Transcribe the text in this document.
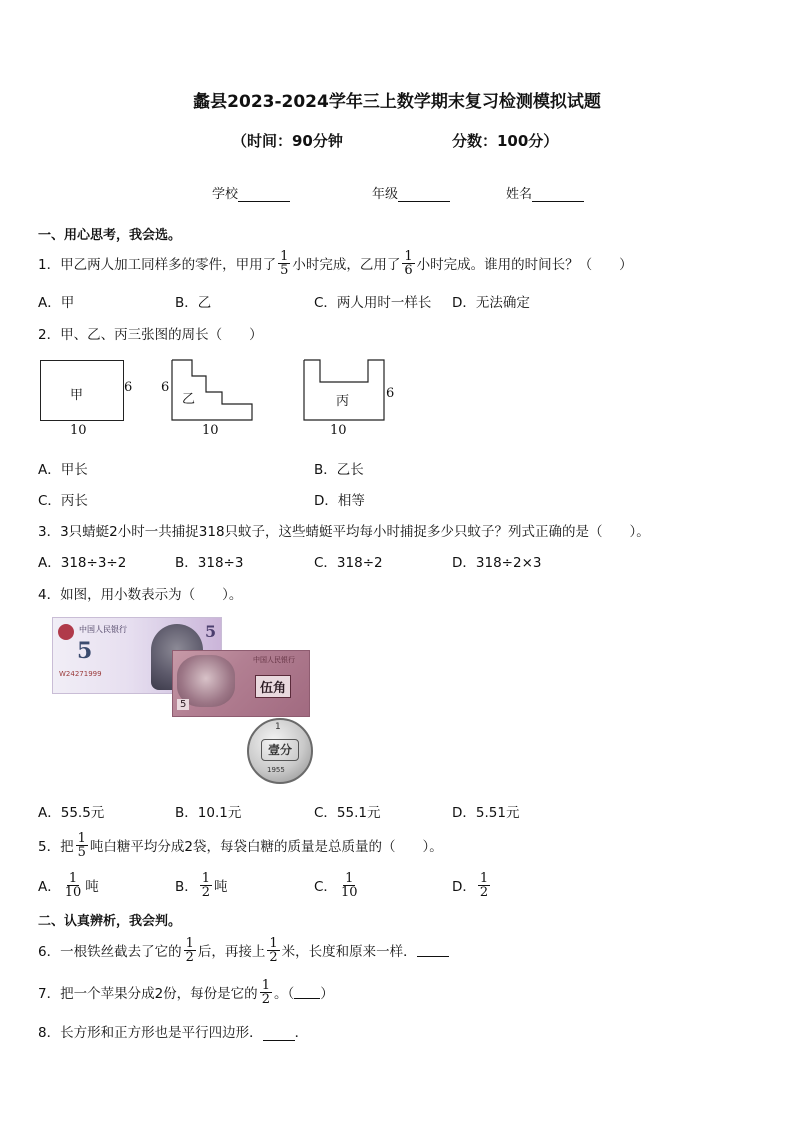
蠡县2023-2024学年三上数学期末复习检测模拟试题
（时间：90分钟	分数：100分）
学校	年级	姓名
一、用心思考，我会选。
1．甲乙两人加工同样多的零件，甲用了 $\frac{1}{5}$ 小时完成，乙用了 $\frac{1}{6}$ 小时完成。谁用的时间长？（　　）
A．甲	B．乙	C．两人用时一样长 D．无法确定
2．甲、乙、丙三张图的周长（　　）
甲
6
10
6
乙
10
丙
6
10
A．甲长	B．乙长
C．丙长	D．相等
3．3只蜻蜓2小时一共捕捉318只蚊子，这些蜻蜓平均每小时捕捉多少只蚊子？列式正确的是（　　）。
A．318÷3÷2	B．318÷3	C．318÷2	D．318÷2×3
4．如图，用小数表示为（　　）。
中国人民银行
5
W24271999
5
中国人民银行
伍角
5
1
壹分
1955
A．55.5元	B．10.1元	C．55.1元	D．5.51元
5．把 $\frac{1}{5}$ 吨白糖平均分成2袋，每袋白糖的质量是总质量的（　　）。
A． $\frac{1}{10}$ 吨	B． $\frac{1}{2}$ 吨	C． $\frac{1}{10}$	D． $\frac{1}{2}$
二、认真辨析，我会判。
6．一根铁丝截去了它的 $\frac{1}{2}$ 后，再接上 $\frac{1}{2}$ 米，长度和原来一样．
7．把一个苹果分成2份，每份是它的 $\frac{1}{2}$ 。（ ）
8．长方形和正方形也是平行四边形． ．
